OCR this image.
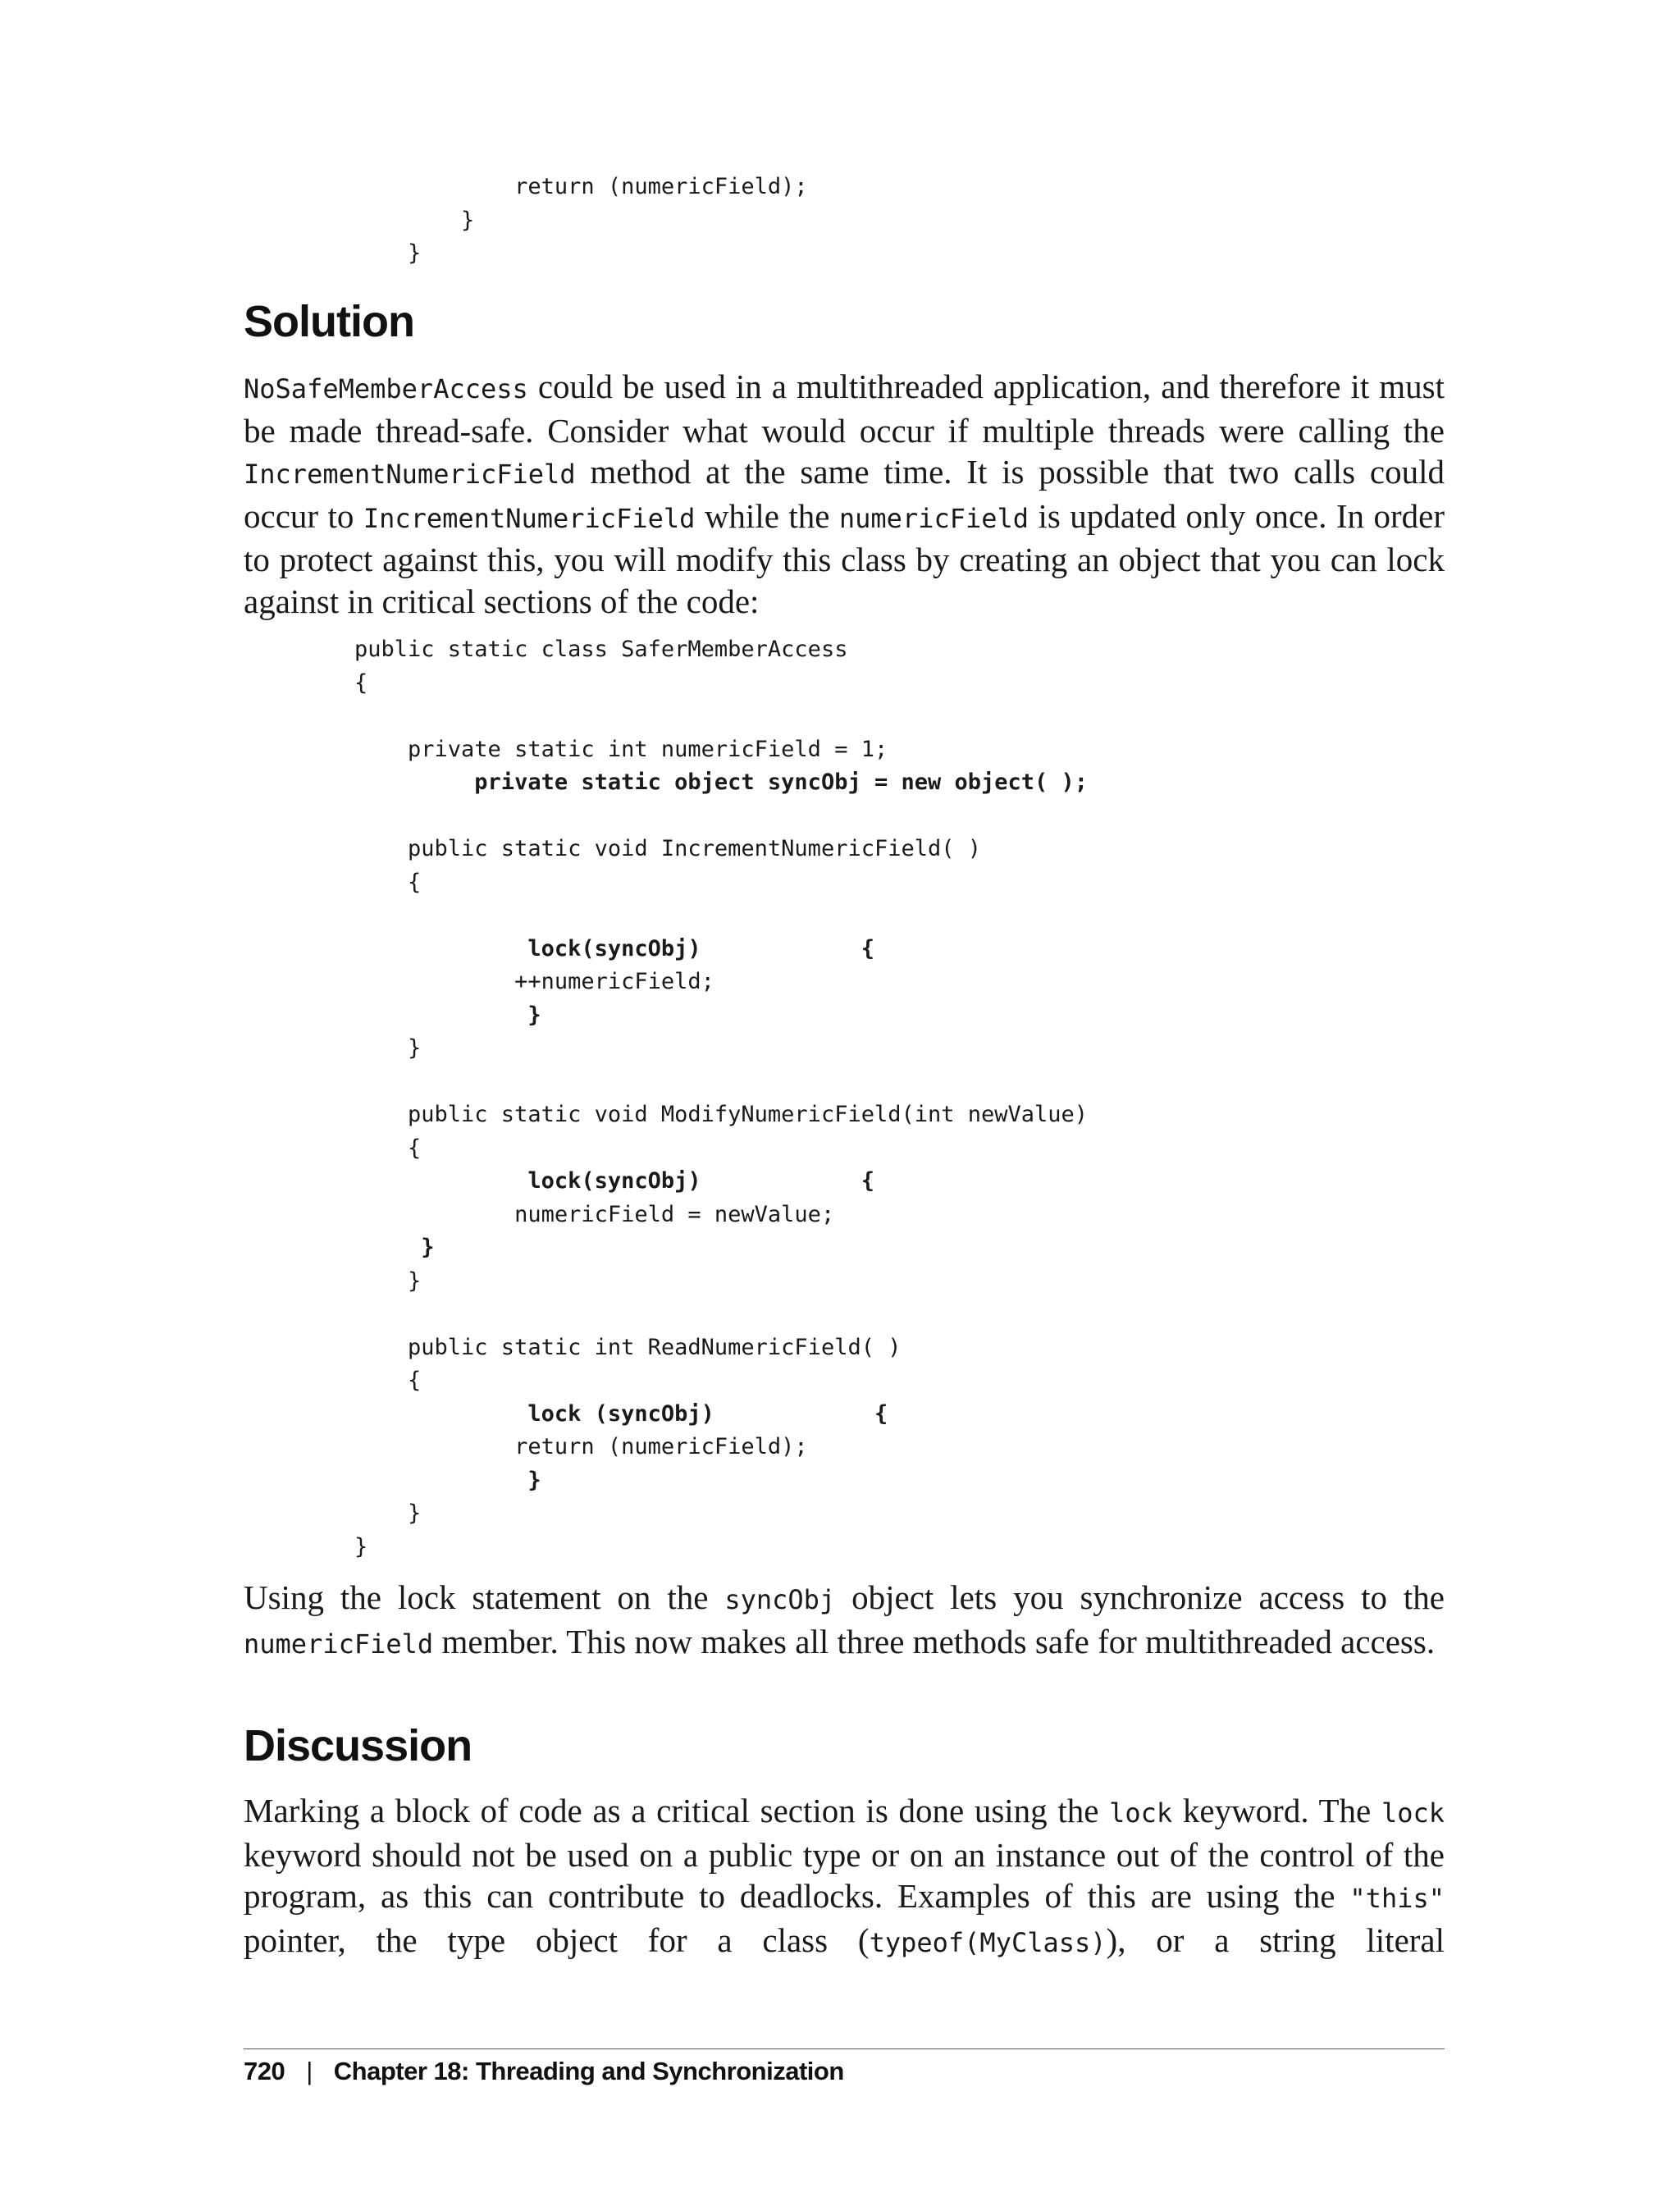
return (numericField);
}
}
Solution

NoSafeMemberAccess could be used in a multithreaded application, and therefore it must be made thread-safe. Consider what would occur if multiple threads were calling the IncrementNumericField method at the same time. It is possible that two calls could occur to IncrementNumericField while the numericField is updated only once. In order to protect against this, you will modify this class by creating an object that you can lock against in critical sections of the code:

public static class SaferMemberAccess
{
private static int numericField = 1;
private static object syncObj = new object( );
public static void IncrementNumericField( )
{
lock(syncObj)            {
++numericField;
}
}
public static void ModifyNumericField(int newValue)
{
lock(syncObj)            {
numericField = newValue;
}
}
public static int ReadNumericField( )
{
lock (syncObj)            {
return (numericField);
}
}
}

Using the lock statement on the syncObj object lets you synchronize access to the numericField member. This now makes all three methods safe for multithreaded access.

Discussion

Marking a block of code as a critical section is done using the lock keyword. The lock keyword should not be used on a public type or on an instance out of the control of the program, as this can contribute to deadlocks. Examples of this are using the "this" pointer, the type object for a class (typeof(MyClass)), or a string literal

720 | Chapter 18: Threading and Synchronization
